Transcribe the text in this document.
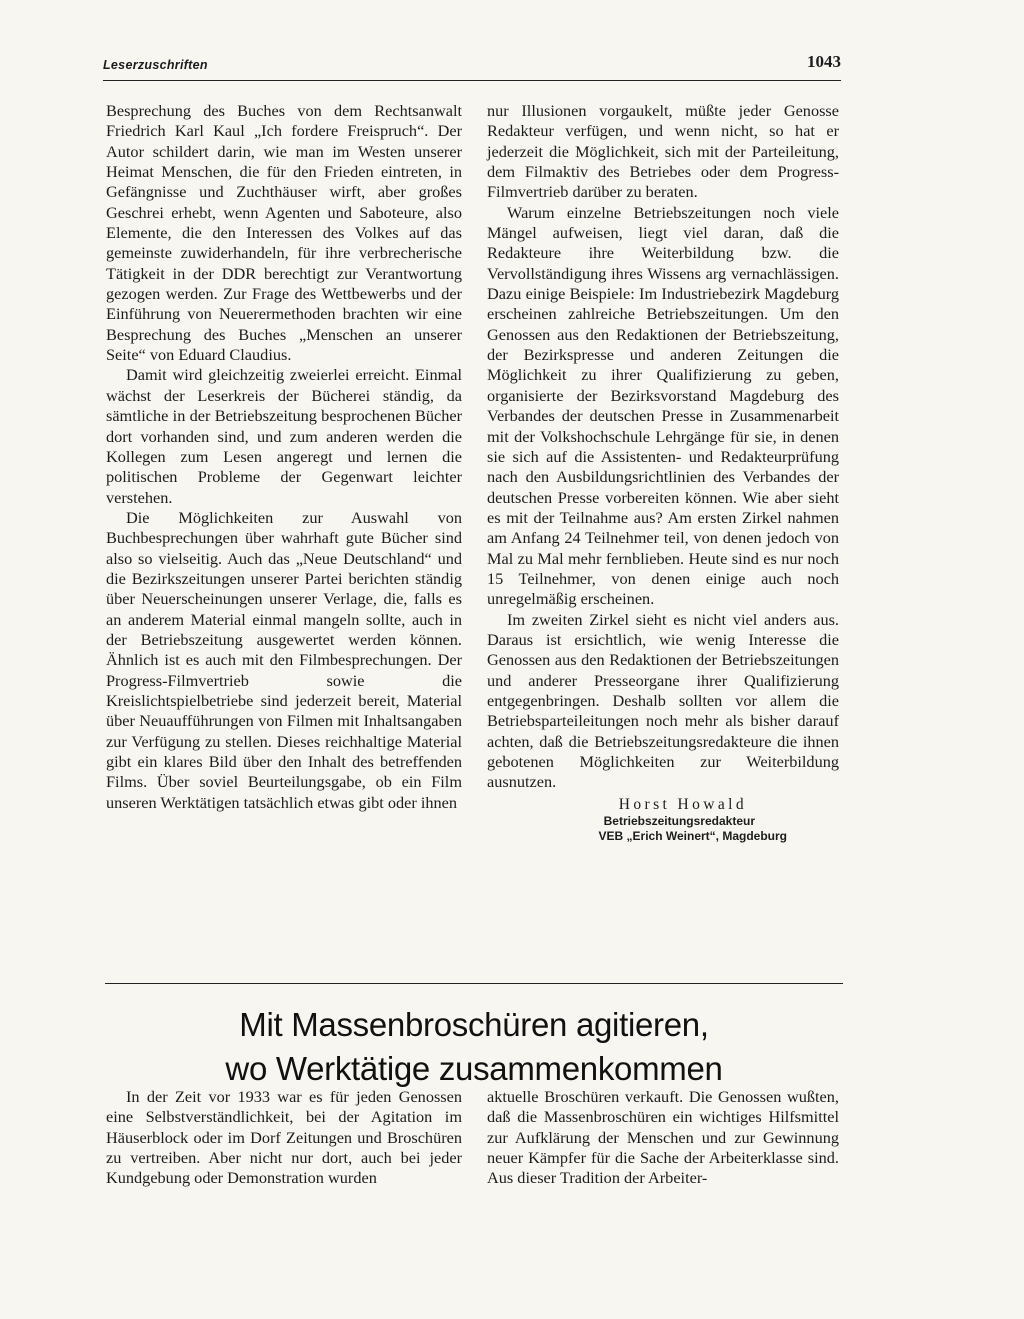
Leserzuschriften	1043

Besprechung des Buches von dem Rechtsanwalt Friedrich Karl Kaul „Ich fordere Freispruch“. Der Autor schildert darin, wie man im Westen unserer Heimat Menschen, die für den Frieden eintreten, in Gefängnisse und Zuchthäuser wirft, aber großes Geschrei erhebt, wenn Agenten und Saboteure, also Elemente, die den Interessen des Volkes auf das gemeinste zuwiderhandeln, für ihre verbrecherische Tätigkeit in der DDR berechtigt zur Verantwortung gezogen werden. Zur Frage des Wettbewerbs und der Einführung von Neuerermethoden brachten wir eine Besprechung des Buches „Menschen an unserer Seite“ von Eduard Claudius.

Damit wird gleichzeitig zweierlei erreicht. Einmal wächst der Leserkreis der Bücherei ständig, da sämtliche in der Betriebszeitung besprochenen Bücher dort vorhanden sind, und zum anderen werden die Kollegen zum Lesen angeregt und lernen die politischen Probleme der Gegenwart leichter verstehen.

Die Möglichkeiten zur Auswahl von Buchbesprechungen über wahrhaft gute Bücher sind also so vielseitig. Auch das „Neue Deutschland“ und die Bezirkszeitungen unserer Partei berichten ständig über Neuerscheinungen unserer Verlage, die, falls es an anderem Material einmal mangeln sollte, auch in der Betriebszeitung ausgewertet werden können. Ähnlich ist es auch mit den Filmbesprechungen. Der Progress-Filmvertrieb sowie die Kreislichtspielbetriebe sind jederzeit bereit, Material über Neuaufführungen von Filmen mit Inhaltsangaben zur Verfügung zu stellen. Dieses reichhaltige Material gibt ein klares Bild über den Inhalt des betreffenden Films. Über soviel Beurteilungsgabe, ob ein Film unseren Werktätigen tatsächlich etwas gibt oder ihnen

nur Illusionen vorgaukelt, müßte jeder Genosse Redakteur verfügen, und wenn nicht, so hat er jederzeit die Möglichkeit, sich mit der Parteileitung, dem Filmaktiv des Betriebes oder dem Progress-Filmvertrieb darüber zu beraten.

Warum einzelne Betriebszeitungen noch viele Mängel aufweisen, liegt viel daran, daß die Redakteure ihre Weiterbildung bzw. die Vervollständigung ihres Wissens arg vernachlässigen. Dazu einige Beispiele: Im Industriebezirk Magdeburg erscheinen zahlreiche Betriebszeitungen. Um den Genossen aus den Redaktionen der Betriebszeitung, der Bezirkspresse und anderen Zeitungen die Möglichkeit zu ihrer Qualifizierung zu geben, organisierte der Bezirksvorstand Magdeburg des Verbandes der deutschen Presse in Zusammenarbeit mit der Volkshochschule Lehrgänge für sie, in denen sie sich auf die Assistenten- und Redakteurprüfung nach den Ausbildungsrichtlinien des Verbandes der deutschen Presse vorbereiten können. Wie aber sieht es mit der Teilnahme aus? Am ersten Zirkel nahmen am Anfang 24 Teilnehmer teil, von denen jedoch von Mal zu Mal mehr fernblieben. Heute sind es nur noch 15 Teilnehmer, von denen einige auch noch unregelmäßig erscheinen.

Im zweiten Zirkel sieht es nicht viel anders aus. Daraus ist ersichtlich, wie wenig Interesse die Genossen aus den Redaktionen der Betriebszeitungen und anderer Presseorgane ihrer Qualifizierung entgegenbringen. Deshalb sollten vor allem die Betriebsparteileitungen noch mehr als bisher darauf achten, daß die Betriebszeitungsredakteure die ihnen gebotenen Möglichkeiten zur Weiterbildung ausnutzen.

Horst Howald
Betriebszeitungsredakteur
VEB „Erich Weinert“, Magdeburg
Mit Massenbroschüren agitieren,
wo Werktätige zusammenkommen

In der Zeit vor 1933 war es für jeden Genossen eine Selbstverständlichkeit, bei der Agitation im Häuserblock oder im Dorf Zeitungen und Broschüren zu vertreiben. Aber nicht nur dort, auch bei jeder Kundgebung oder Demonstration wurden

aktuelle Broschüren verkauft. Die Genossen wußten, daß die Massenbroschüren ein wichtiges Hilfsmittel zur Aufklärung der Menschen und zur Gewinnung neuer Kämpfer für die Sache der Arbeiterklasse sind. Aus dieser Tradition der Arbeiter-
